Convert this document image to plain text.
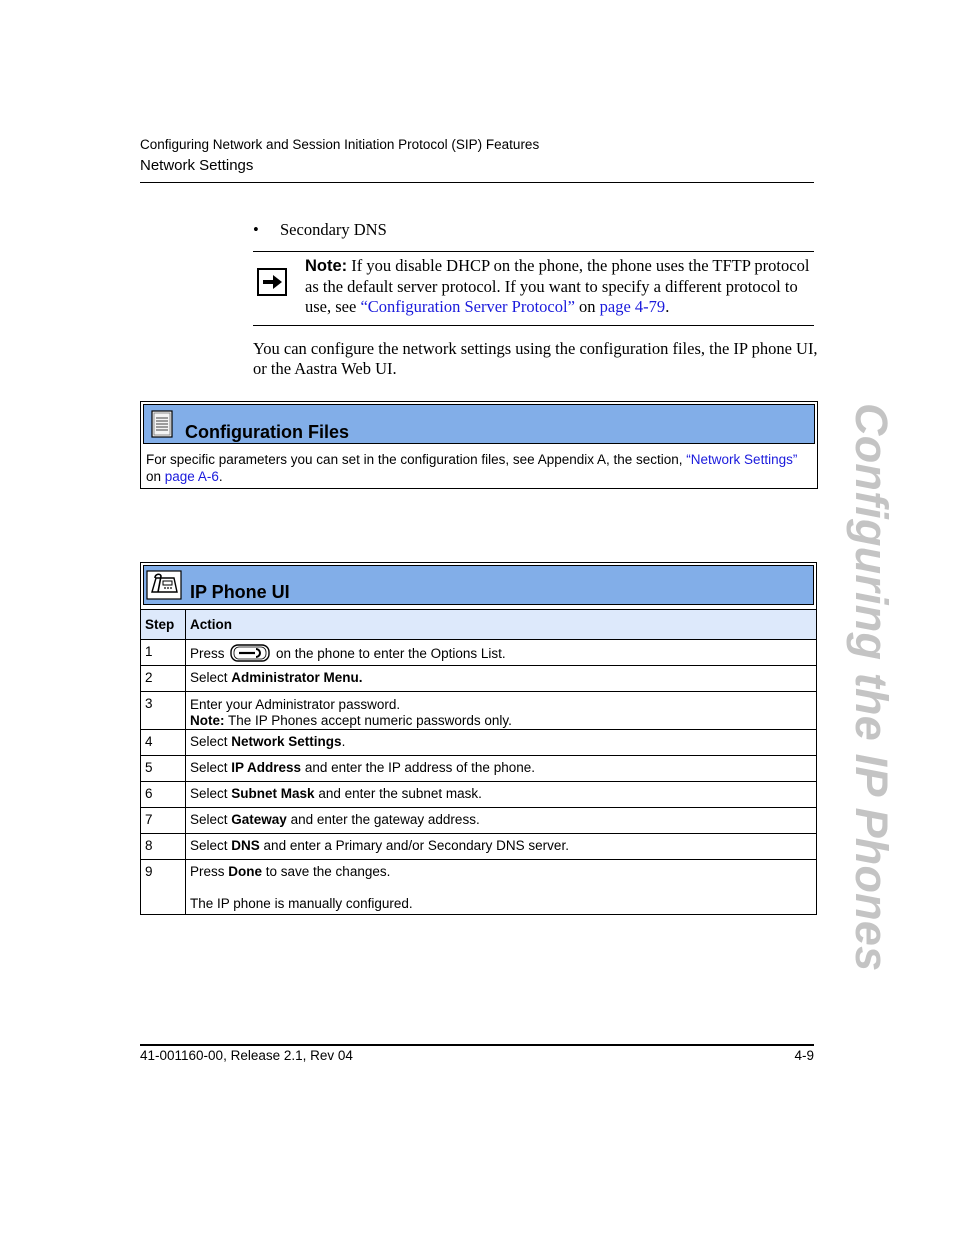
Configuring Network and Session Initiation Protocol (SIP) Features
Network Settings
• Secondary DNS
Note: If you disable DHCP on the phone, the phone uses the TFTP protocol as the default server protocol. If you want to specify a different protocol to use, see “Configuration Server Protocol” on page 4-79.
You can configure the network settings using the configuration files, the IP phone UI, or the Aastra Web UI.
Configuration Files
For specific parameters you can set in the configuration files, see Appendix A, the section, “Network Settings” on page A-6.
IP Phone UI
Step	Action
1	Press on the phone to enter the Options List.
2	Select Administrator Menu.
3	Enter your Administrator password.
Note: The IP Phones accept numeric passwords only.

4	Select Network Settings.
5	Select IP Address and enter the IP address of the phone.
6	Select Subnet Mask and enter the subnet mask.
7	Select Gateway and enter the gateway address.
8	Select DNS and enter a Primary and/or Secondary DNS server.
9	Press Done to save the changes.
The IP phone is manually configured.	Configuring the IP Phones
41-001160-00, Release 2.1, Rev 04	4-9
